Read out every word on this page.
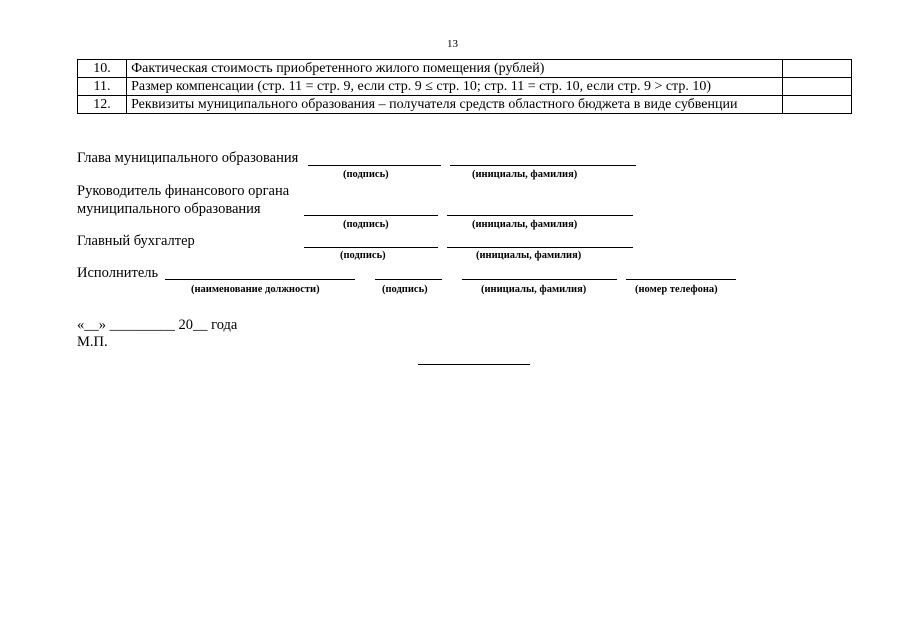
13
10.	Фактическая стоимость приобретенного жилого помещения (рублей)	
11.	Размер компенсации (стр. 11 = стр. 9, если стр. 9 ≤ стр. 10; стр. 11 = стр. 10, если стр. 9 > стр. 10)	
12.	Реквизиты муниципального образования – получателя средств областного бюджета в виде субвенции	
Глава муниципального образования
(подпись)	(инициалы, фамилия)
Руководитель финансового органа
муниципального образования
(подпись)	(инициалы, фамилия)
Главный бухгалтер
(подпись)	(инициалы, фамилия)
Исполнитель
(наименование должности)	(подпись)	(инициалы, фамилия)	(номер телефона)
«__» _________ 20__ года
М.П.
